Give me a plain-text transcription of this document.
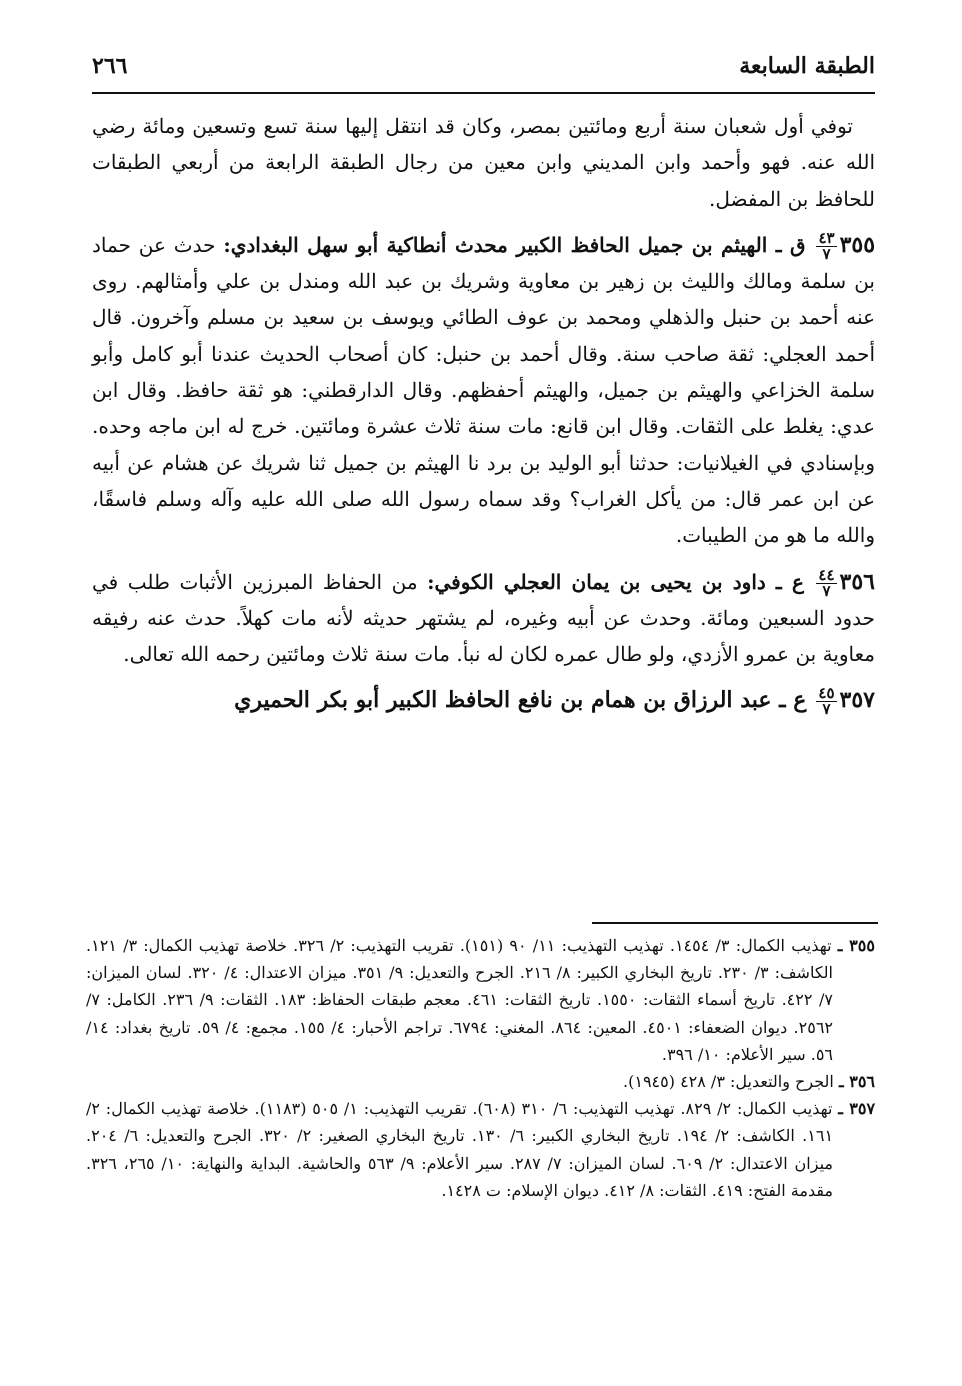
٢٦٦	الطبقة السابعة

توفي أول شعبان سنة أربع ومائتين بمصر، وكان قد انتقل إليها سنة تسع وتسعين ومائة رضي الله عنه. فهو وأحمد وابن المديني وابن معين من رجال الطبقة الرابعة من أربعي الطبقات للحافظ بن المفضل.

٣٥٥
$\frac{٤٣}{٧}$
ق ـ الهيثم بن جميل الحافظ الكبير محدث أنطاكية أبو سهل البغدادي: حدث عن حماد بن سلمة ومالك والليث بن زهير بن معاوية وشريك بن عبد الله ومندل بن علي وأمثالهم. روى عنه أحمد بن حنبل والذهلي ومحمد بن عوف الطائي ويوسف بن سعيد بن مسلم وآخرون. قال أحمد العجلي: ثقة صاحب سنة. وقال أحمد بن حنبل: كان أصحاب الحديث عندنا أبو كامل وأبو سلمة الخزاعي والهيثم بن جميل، والهيثم أحفظهم. وقال الدارقطني: هو ثقة حافظ. وقال ابن عدي: يغلط على الثقات. وقال ابن قانع: مات سنة ثلاث عشرة ومائتين. خرج له ابن ماجه وحده. وبإسنادي في الغيلانيات: حدثنا أبو الوليد بن برد نا الهيثم بن جميل ثنا شريك عن هشام عن أبيه عن ابن عمر قال: من يأكل الغراب؟ وقد سماه رسول الله صلى الله عليه وآله وسلم فاسقًا، والله ما هو من الطيبات.

٣٥٦
$\frac{٤٤}{٧}$
ع ـ داود بن يحيى بن يمان العجلي الكوفي: من الحفاظ المبرزين الأثبات طلب في حدود السبعين ومائة. وحدث عن أبيه وغيره، لم يشتهر حديثه لأنه مات كهلاً. حدث عنه رفيقه معاوية بن عمرو الأزدي، ولو طال عمره لكان له نبأ. مات سنة ثلاث ومائتين رحمه الله تعالى.

٣٥٧
$\frac{٤٥}{٧}$
ع ـ عبد الرزاق بن همام بن نافع الحافظ الكبير أبو بكر الحميري

٣٥٥ ـ تهذيب الكمال: ٣/ ١٤٥٤. تهذيب التهذيب: ١١/ ٩٠ (١٥١). تقريب التهذيب: ٢/ ٣٢٦. خلاصة تهذيب الكمال: ٣/ ١٢١. الكاشف: ٣/ ٢٣٠. تاريخ البخاري الكبير: ٨/ ٢١٦. الجرح والتعديل: ٩/ ٣٥١. ميزان الاعتدال: ٤/ ٣٢٠. لسان الميزان: ٧/ ٤٢٢. تاريخ أسماء الثقات: ١٥٥٠. تاريخ الثقات: ٤٦١. معجم طبقات الحفاظ: ١٨٣. الثقات: ٩/ ٢٣٦. الكامل: ٧/ ٢٥٦٢. ديوان الضعفاء: ٤٥٠١. المعين: ٨٦٤. المغني: ٦٧٩٤. تراجم الأحبار: ٤/ ١٥٥. مجمع: ٤/ ٥٩. تاريخ بغداد: ١٤/ ٥٦. سير الأعلام: ١٠/ ٣٩٦.

٣٥٦ ـ الجرح والتعديل: ٣/ ٤٢٨ (١٩٤٥).

٣٥٧ ـ تهذيب الكمال: ٢/ ٨٢٩. تهذيب التهذيب: ٦/ ٣١٠ (٦٠٨). تقريب التهذيب: ١/ ٥٠٥ (١١٨٣). خلاصة تهذيب الكمال: ٢/ ١٦١. الكاشف: ٢/ ١٩٤. تاريخ البخاري الكبير: ٦/ ١٣٠. تاريخ البخاري الصغير: ٢/ ٣٢٠. الجرح والتعديل: ٦/ ٢٠٤. ميزان الاعتدال: ٢/ ٦٠٩. لسان الميزان: ٧/ ٢٨٧. سير الأعلام: ٩/ ٥٦٣ والحاشية. البداية والنهاية: ١٠/ ٢٦٥، ٣٢٦. مقدمة الفتح: ٤١٩. الثقات: ٨/ ٤١٢. ديوان الإسلام: ت ١٤٢٨.
